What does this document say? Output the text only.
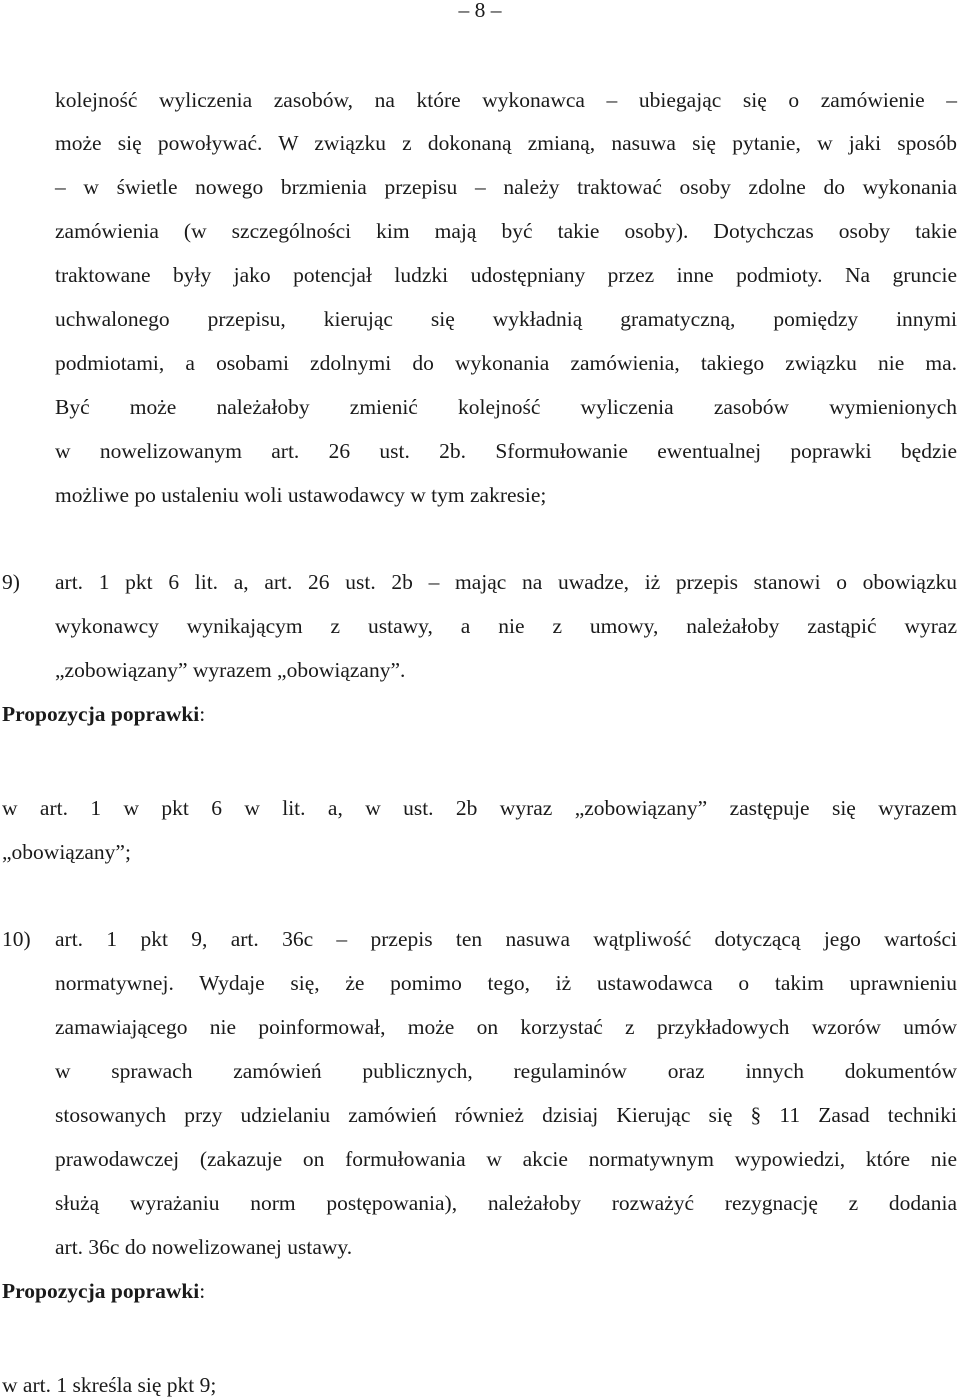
– 8 –
kolejność wyliczenia zasobów, na które wykonawca – ubiegając się o zamówienie –
może się powoływać. W związku z dokonaną zmianą, nasuwa się pytanie, w jaki sposób
– w świetle nowego brzmienia przepisu – należy traktować osoby zdolne do wykonania
zamówienia (w szczególności kim mają być takie osoby). Dotychczas osoby takie
traktowane były jako potencjał ludzki udostępniany przez inne podmioty. Na gruncie
uchwalonego przepisu, kierując się wykładnią gramatyczną, pomiędzy innymi
podmiotami, a osobami zdolnymi do wykonania zamówienia, takiego związku nie ma.
Być może należałoby zmienić kolejność wyliczenia zasobów wymienionych
w nowelizowanym art. 26 ust. 2b. Sformułowanie ewentualnej poprawki będzie
możliwe po ustaleniu woli ustawodawcy w tym zakresie;
9) art. 1 pkt 6 lit. a, art. 26 ust. 2b – mając na uwadze, iż przepis stanowi o obowiązku
wykonawcy wynikającym z ustawy, a nie z umowy, należałoby zastąpić wyraz
„zobowiązany” wyrazem „obowiązany”.
Propozycja poprawki:
w art. 1 w pkt 6 w lit. a, w ust. 2b wyraz „zobowiązany” zastępuje się wyrazem
„obowiązany”;
10) art. 1 pkt 9, art. 36c – przepis ten nasuwa wątpliwość dotyczącą jego wartości
normatywnej. Wydaje się, że pomimo tego, iż ustawodawca o takim uprawnieniu
zamawiającego nie poinformował, może on korzystać z przykładowych wzorów umów
w sprawach zamówień publicznych, regulaminów oraz innych dokumentów
stosowanych przy udzielaniu zamówień również dzisiaj Kierując się § 11 Zasad techniki
prawodawczej (zakazuje on formułowania w akcie normatywnym wypowiedzi, które nie
służą wyrażaniu norm postępowania), należałoby rozważyć rezygnację z dodania
art. 36c do nowelizowanej ustawy.
Propozycja poprawki:
w art. 1 skreśla się pkt 9;
